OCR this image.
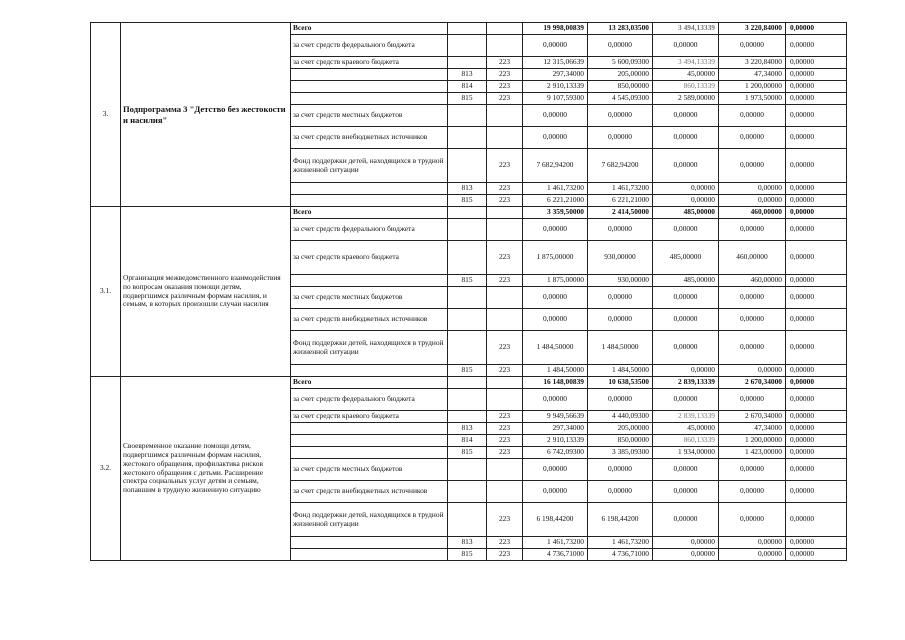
3.	Подпрограмма 3 "Детство без жестокости и насилия"	Всего			19 998,00839	13 283,03500	3 494,13339	3 220,84000	0,00000
		за счет средств федерального бюджета			0,00000	0,00000	0,00000	0,00000	0,00000
		за счет средств краевого бюджета		223	12 315,06639	5 600,09300	3 494,13339	3 220,84000	0,00000
			813	223	297,34000	205,00000	45,00000	47,34000	0,00000
			814	223	2 910,13339	850,00000	860,13339	1 200,00000	0,00000
			815	223	9 107,59300	4 545,09300	2 589,00000	1 973,50000	0,00000
		за счет средств местных бюджетов			0,00000	0,00000	0,00000	0,00000	0,00000
		за счет средств внебюджетных источников			0,00000	0,00000	0,00000	0,00000	0,00000
		Фонд поддержки детей, находящихся в трудной жизненной ситуации		223	7 682,94200	7 682,94200	0,00000	0,00000	0,00000
			813	223	1 461,73200	1 461,73200	0,00000	0,00000	0,00000
			815	223	6 221,21000	6 221,21000	0,00000	0,00000	0,00000
3.1.	Организация межведомственного взаимодействия по вопросам оказания помощи детям, подвергшимся различным формам насилия, и семьям, в которых произошли случаи насилия	Всего			3 359,50000	2 414,50000	485,00000	460,00000	0,00000
		за счет средств федерального бюджета			0,00000	0,00000	0,00000	0,00000	0,00000
		за счет средств краевого бюджета		223	1 875,00000	930,00000	485,00000	460,00000	0,00000
			815	223	1 875,00000	930,00000	485,00000	460,00000	0,00000
		за счет средств местных бюджетов			0,00000	0,00000	0,00000	0,00000	0,00000
		за счет средств внебюджетных источников			0,00000	0,00000	0,00000	0,00000	0,00000
		Фонд поддержки детей, находящихся в трудной жизненной ситуации		223	1 484,50000	1 484,50000	0,00000	0,00000	0,00000
			815	223	1 484,50000	1 484,50000	0,00000	0,00000	0,00000
3.2.	Своевременное оказание помощи детям, подвергшимся различным формам насилия, жестокого обращения, профилактика рисков жестокого обращения с детьми. Расширение спектра социальных услуг детям и семьям, попавшим в трудную жизненную ситуацию	Всего			16 148,00839	10 638,53500	2 839,13339	2 670,34000	0,00000
		за счет средств федерального бюджета			0,00000	0,00000	0,00000	0,00000	0,00000
		за счет средств краевого бюджета		223	9 949,56639	4 440,09300	2 839,13339	2 670,34000	0,00000
			813	223	297,34000	205,00000	45,00000	47,34000	0,00000
			814	223	2 910,13339	850,00000	860,13339	1 200,00000	0,00000
			815	223	6 742,09300	3 385,09300	1 934,00000	1 423,00000	0,00000
		за счет средств местных бюджетов			0,00000	0,00000	0,00000	0,00000	0,00000
		за счет средств внебюджетных источников			0,00000	0,00000	0,00000	0,00000	0,00000
		Фонд поддержки детей, находящихся в трудной жизненной ситуации		223	6 198,44200	6 198,44200	0,00000	0,00000	0,00000
			813	223	1 461,73200	1 461,73200	0,00000	0,00000	0,00000
			815	223	4 736,71000	4 736,71000	0,00000	0,00000	0,00000
